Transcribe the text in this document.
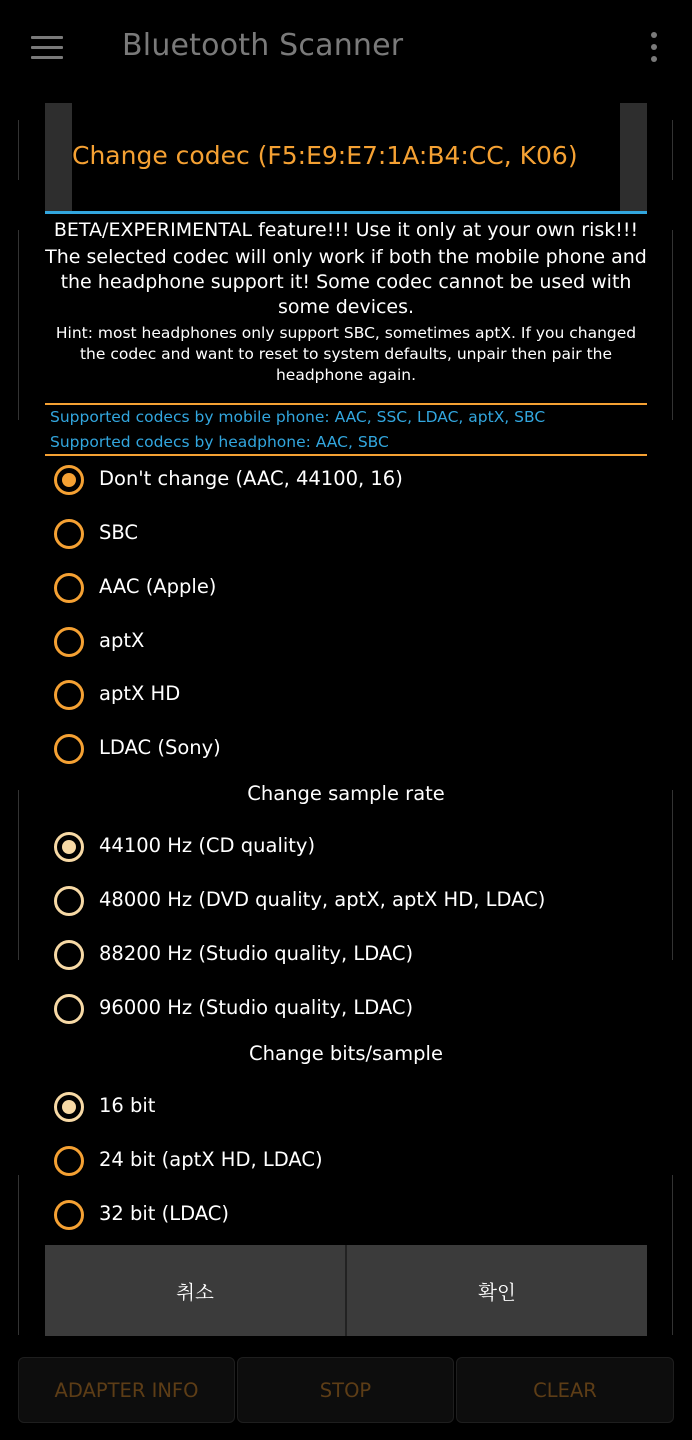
Bluetooth Scanner
Change codec (F5:E9:E7:1A:B4:CC, K06)
BETA/EXPERIMENTAL feature!!! Use it only at your own risk!!!
The selected codec will only work if both the mobile phone and the headphone support it! Some codec cannot be used with some devices.
Hint: most headphones only support SBC, sometimes aptX. If you changed the codec and want to reset to system defaults, unpair then pair the headphone again.
Supported codecs by mobile phone: AAC, SSC, LDAC, aptX, SBC
Supported codecs by headphone: AAC, SBC
Don't change (AAC, 44100, 16)
SBC
AAC (Apple)
aptX
aptX HD
LDAC (Sony)
Change sample rate
44100 Hz (CD quality)
48000 Hz (DVD quality, aptX, aptX HD, LDAC)
88200 Hz (Studio quality, LDAC)
96000 Hz (Studio quality, LDAC)
Change bits/sample
16 bit
24 bit (aptX HD, LDAC)
32 bit (LDAC)
취소	확인
ADAPTER INFO	STOP	CLEAR
